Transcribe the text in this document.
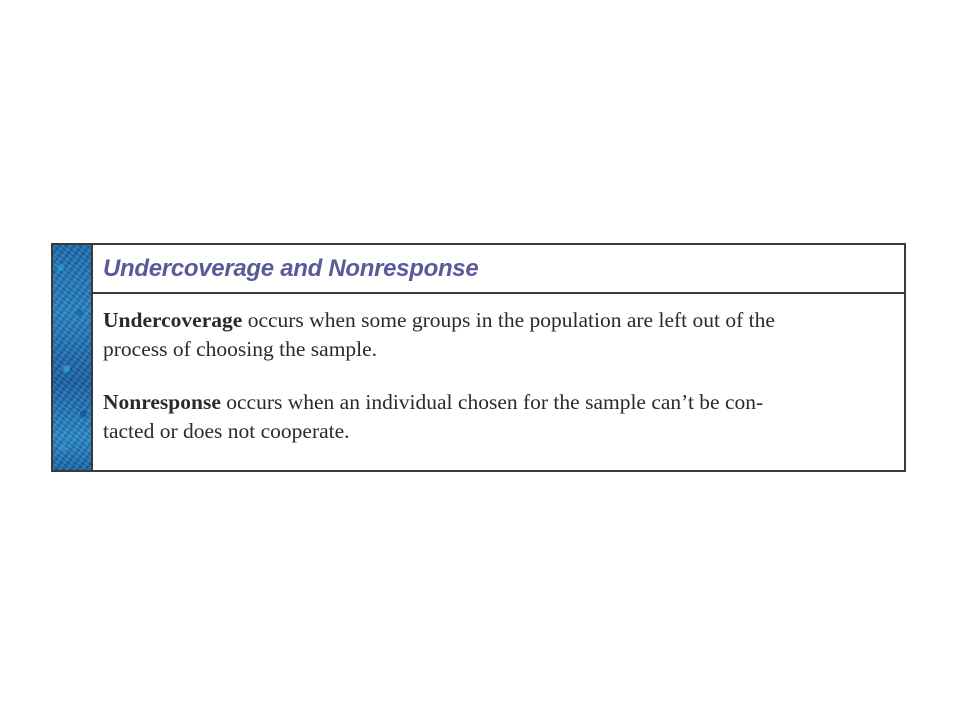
Undercoverage and Nonresponse

Undercoverage occurs when some groups in the population are left out of the
process of choosing the sample.

Nonresponse occurs when an individual chosen for the sample can’t be con-
tacted or does not cooperate.
